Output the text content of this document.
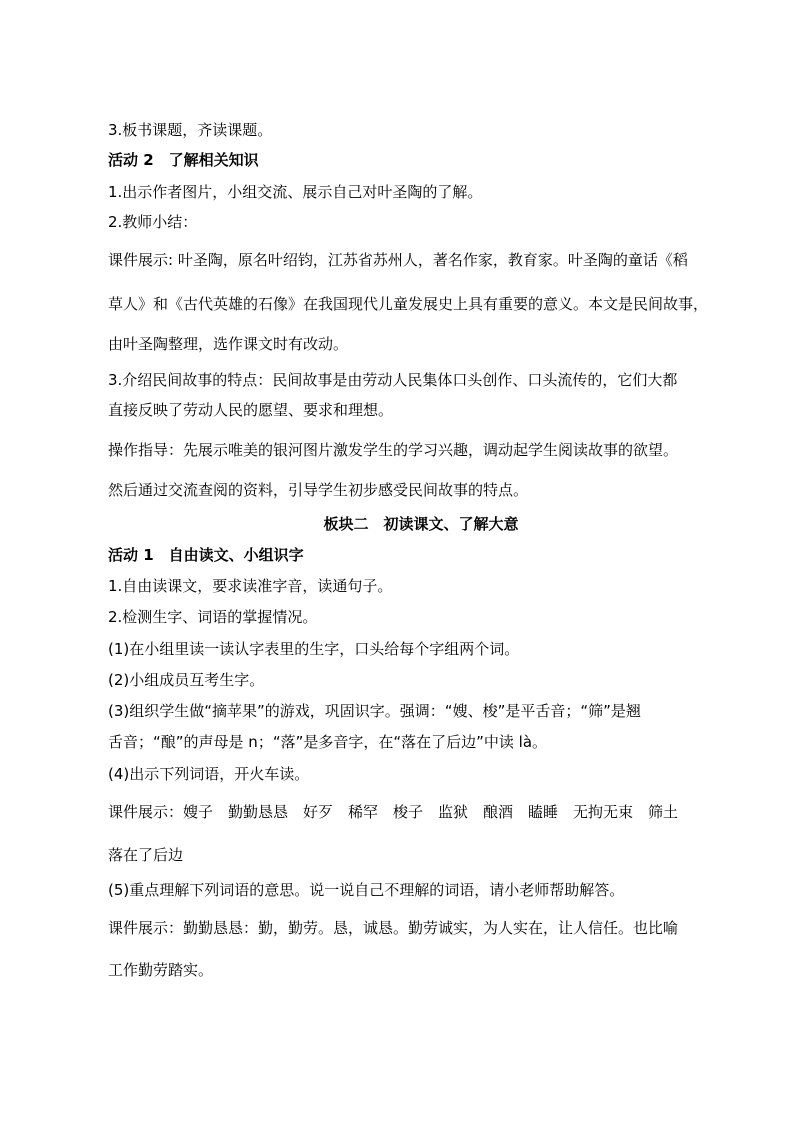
3.板书课题，齐读课题。
活动 2　了解相关知识
1.出示作者图片，小组交流、展示自己对叶圣陶的了解。
2.教师小结：
课件展示: 叶圣陶，原名叶绍钧，江苏省苏州人，著名作家，教育家。叶圣陶的童话《稻
草人》和《古代英雄的石像》在我国现代儿童发展史上具有重要的意义。本文是民间故事，
由叶圣陶整理，选作课文时有改动。
3.介绍民间故事的特点：民间故事是由劳动人民集体口头创作、口头流传的，它们大都
直接反映了劳动人民的愿望、要求和理想。
操作指导：先展示唯美的银河图片激发学生的学习兴趣，调动起学生阅读故事的欲望。
然后通过交流查阅的资料，引导学生初步感受民间故事的特点。
板块二　初读课文、了解大意
活动 1　自由读文、小组识字
1.自由读课文，要求读准字音，读通句子。
2.检测生字、词语的掌握情况。
(1)在小组里读一读认字表里的生字，口头给每个字组两个词。
(2)小组成员互考生字。
(3)组织学生做“摘苹果”的游戏，巩固识字。强调：“嫂、梭”是平舌音；“筛”是翘
舌音；“酿”的声母是 n；“落”是多音字，在“落在了后边”中读 là。
(4)出示下列词语，开火车读。
课件展示：嫂子　勤勤恳恳　好歹　稀罕　梭子　监狱　酿酒　瞌睡　无拘无束　筛土
落在了后边
(5)重点理解下列词语的意思。说一说自己不理解的词语，请小老师帮助解答。
课件展示：勤勤恳恳：勤，勤劳。恳，诚恳。勤劳诚实，为人实在，让人信任。也比喻
工作勤劳踏实。
